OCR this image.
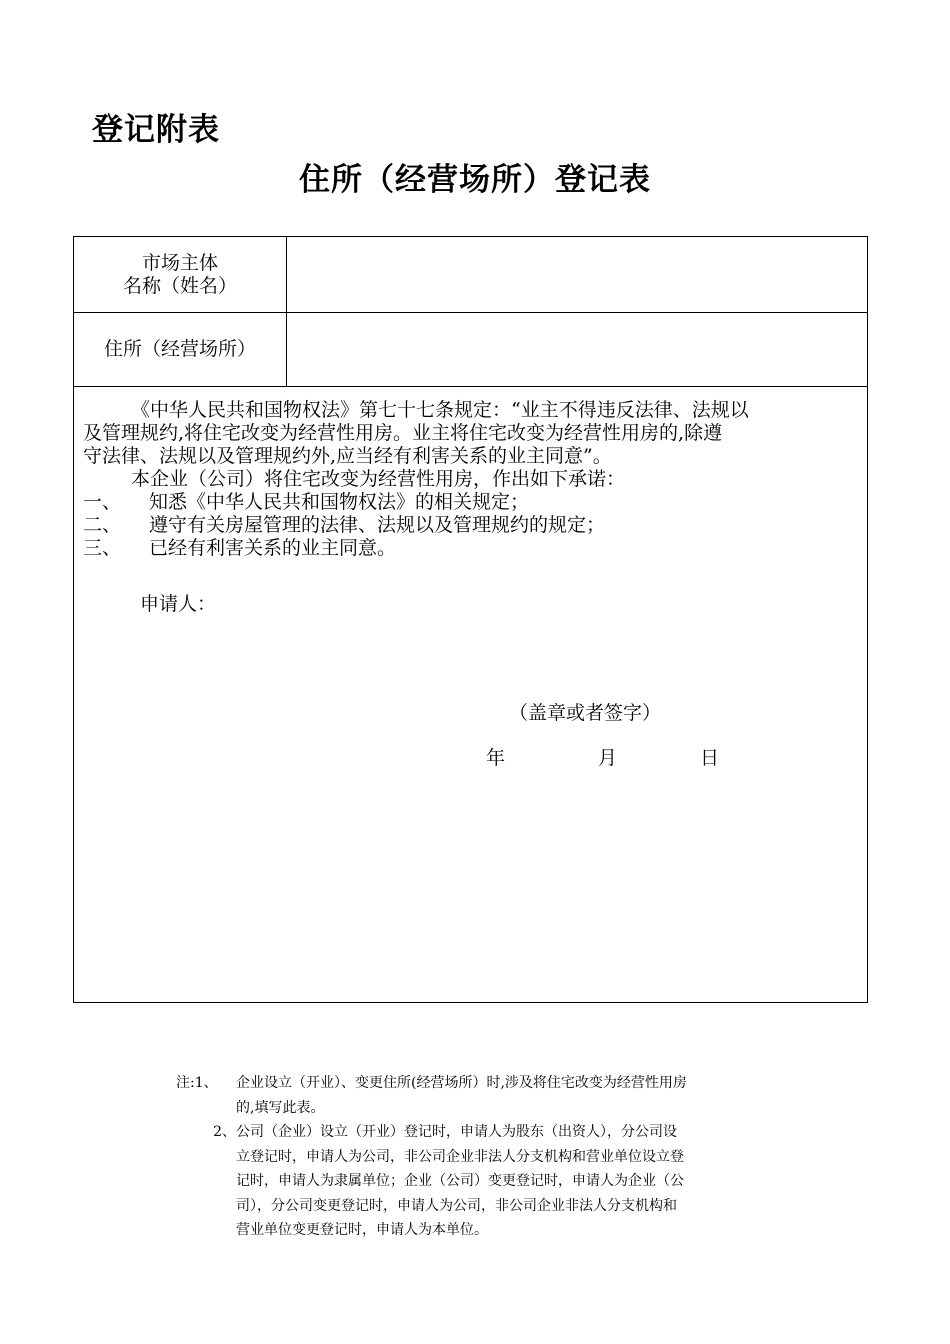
登记附表
住所（经营场所）登记表
市场主体
名称（姓名）
住所（经营场所）

《中华人民共和国物权法》第七十七条规定：“业主不得违反法律、法规以

及管理规约,将住宅改变为经营性用房。业主将住宅改变为经营性用房的,除遵

守法律、法规以及管理规约外,应当经有利害关系的业主同意”。

本企业（公司）将住宅改变为经营性用房，作出如下承诺：

一、	知悉《中华人民共和国物权法》的相关规定；
二、	遵守有关房屋管理的法律、法规以及管理规约的规定；
三、	已经有利害关系的业主同意。
申请人：
（盖章或者签字）
年	月	日
注:1、	企业设立（开业）、变更住所(经营场所）时,涉及将住宅改变为经营性用房
的,填写此表。
2、 公司（企业）设立（开业）登记时，申请人为股东（出资人），分公司设
立登记时，申请人为公司，非公司企业非法人分支机构和营业单位设立登
记时，申请人为隶属单位；企业（公司）变更登记时，申请人为企业（公
司），分公司变更登记时，申请人为公司，非公司企业非法人分支机构和
营业单位变更登记时，申请人为本单位。
